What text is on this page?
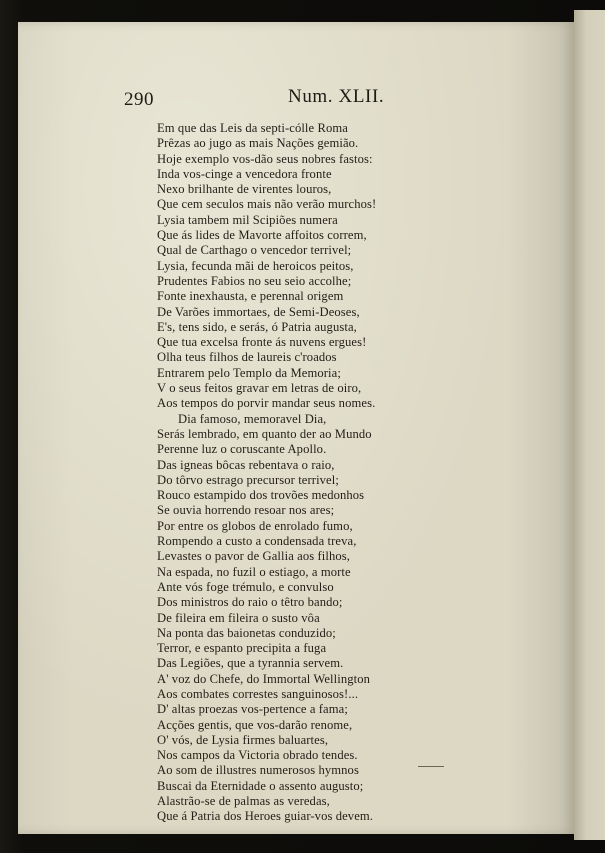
290	Num. XLII.
Em que das Leis da septi-cólle Roma
Prêzas ao jugo as mais Nações gemião.
Hoje exemplo vos-dão seus nobres fastos:
Inda vos-cinge a vencedora fronte
Nexo brilhante de virentes louros,
Que cem seculos mais não verão murchos!
Lysia tambem mil Scipiões numera
Que ás lides de Mavorte affoitos correm,
Qual de Carthago o vencedor terrivel;
Lysia, fecunda mãi de heroicos peitos,
Prudentes Fabios no seu seio accolhe;
Fonte inexhausta, e perennal origem
De Varões immortaes, de Semi-Deoses,
E's, tens sido, e serás, ó Patria augusta,
Que tua excelsa fronte ás nuvens ergues!
Olha teus filhos de laureis c'roados
Entrarem pelo Templo da Memoria;
V o seus feitos gravar em letras de oiro,
Aos tempos do porvir mandar seus nomes.
Dia famoso, memoravel Dia,
Serás lembrado, em quanto der ao Mundo
Perenne luz o coruscante Apollo.
Das igneas bôcas rebentava o raio,
Do tôrvo estrago precursor terrivel;
Rouco estampido dos trovões medonhos
Se ouvia horrendo resoar nos ares;
Por entre os globos de enrolado fumo,
Rompendo a custo a condensada treva,
Levastes o pavor de Gallia aos filhos,
Na espada, no fuzil o estiago, a morte
Ante vós foge trémulo, e convulso
Dos ministros do raio o têtro bando;
De fileira em fileira o susto vôa
Na ponta das baionetas conduzido;
Terror, e espanto precipita a fuga
Das Legiões, que a tyrannia servem.
A' voz do Chefe, do Immortal Wellington
Aos combates correstes sanguinosos!...
D' altas proezas vos-pertence a fama;
Acções gentis, que vos-darão renome,
O' vós, de Lysia firmes baluartes,
Nos campos da Victoria obrado tendes.
Ao som de illustres numerosos hymnos
Buscai da Eternidade o assento augusto;
Alastrão-se de palmas as veredas,
Que á Patria dos Heroes guiar-vos devem.
